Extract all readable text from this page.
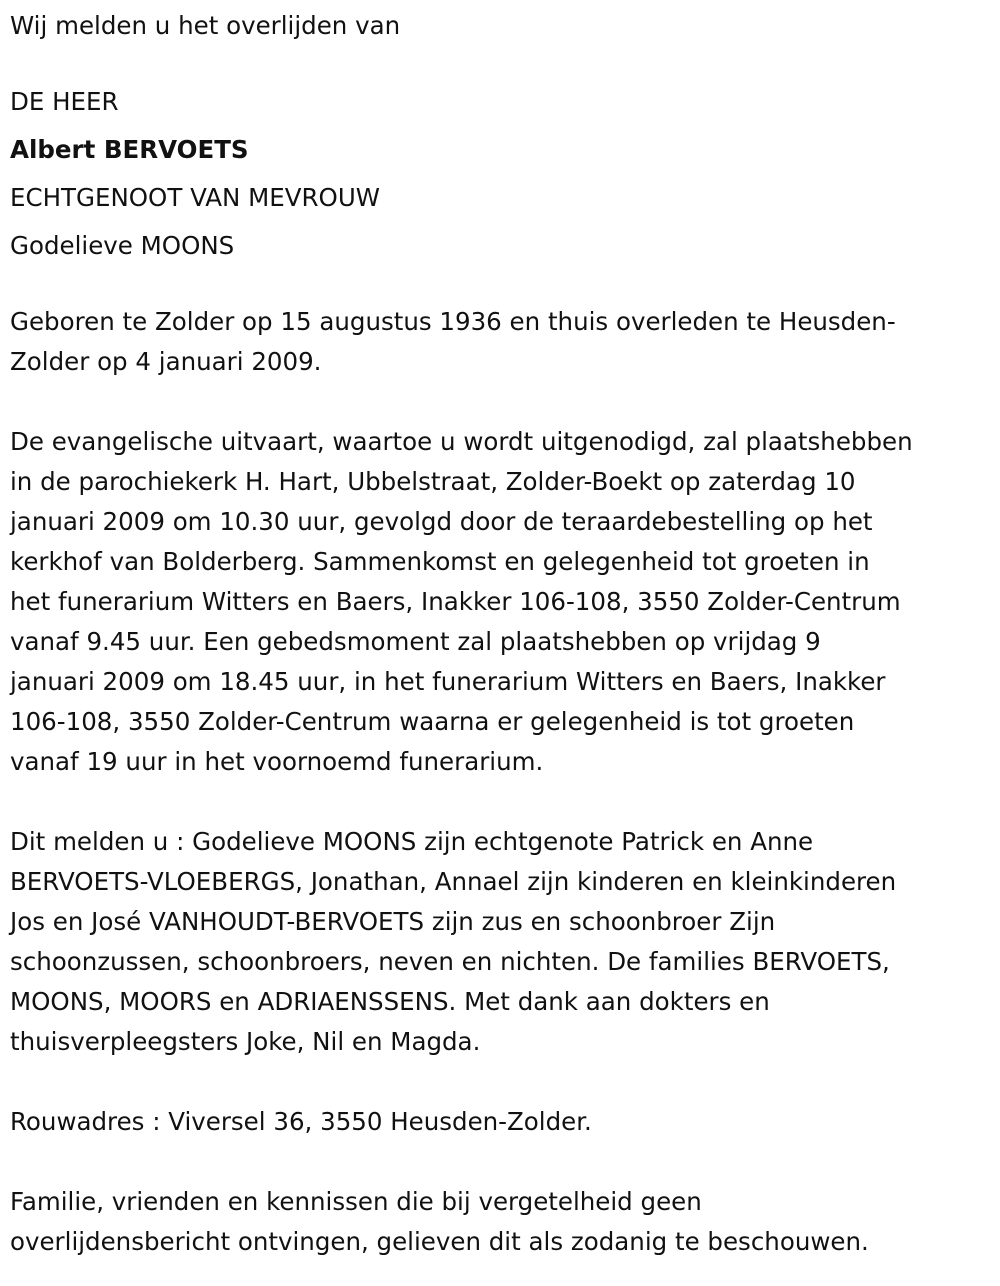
Wij melden u het overlijden van

DE HEER

Albert BERVOETS

ECHTGENOOT VAN MEVROUW

Godelieve MOONS

Geboren te Zolder op 15 augustus 1936 en thuis overleden te Heusden-

Zolder op 4 januari 2009.

De evangelische uitvaart, waartoe u wordt uitgenodigd, zal plaatshebben

in de parochiekerk H. Hart, Ubbelstraat, Zolder-Boekt op zaterdag 10

januari 2009 om 10.30 uur, gevolgd door de teraardebestelling op het

kerkhof van Bolderberg. Sammenkomst en gelegenheid tot groeten in

het funerarium Witters en Baers, Inakker 106-108, 3550 Zolder-Centrum

vanaf 9.45 uur. Een gebedsmoment zal plaatshebben op vrijdag 9

januari 2009 om 18.45 uur, in het funerarium Witters en Baers, Inakker

106-108, 3550 Zolder-Centrum waarna er gelegenheid is tot groeten

vanaf 19 uur in het voornoemd funerarium.

Dit melden u : Godelieve MOONS zijn echtgenote Patrick en Anne

BERVOETS-VLOEBERGS, Jonathan, Annael zijn kinderen en kleinkinderen

Jos en José VANHOUDT-BERVOETS zijn zus en schoonbroer Zijn

schoonzussen, schoonbroers, neven en nichten. De families BERVOETS,

MOONS, MOORS en ADRIAENSSENS. Met dank aan dokters en

thuisverpleegsters Joke, Nil en Magda.

Rouwadres : Viversel 36, 3550 Heusden-Zolder.

Familie, vrienden en kennissen die bij vergetelheid geen

overlijdensbericht ontvingen, gelieven dit als zodanig te beschouwen.
